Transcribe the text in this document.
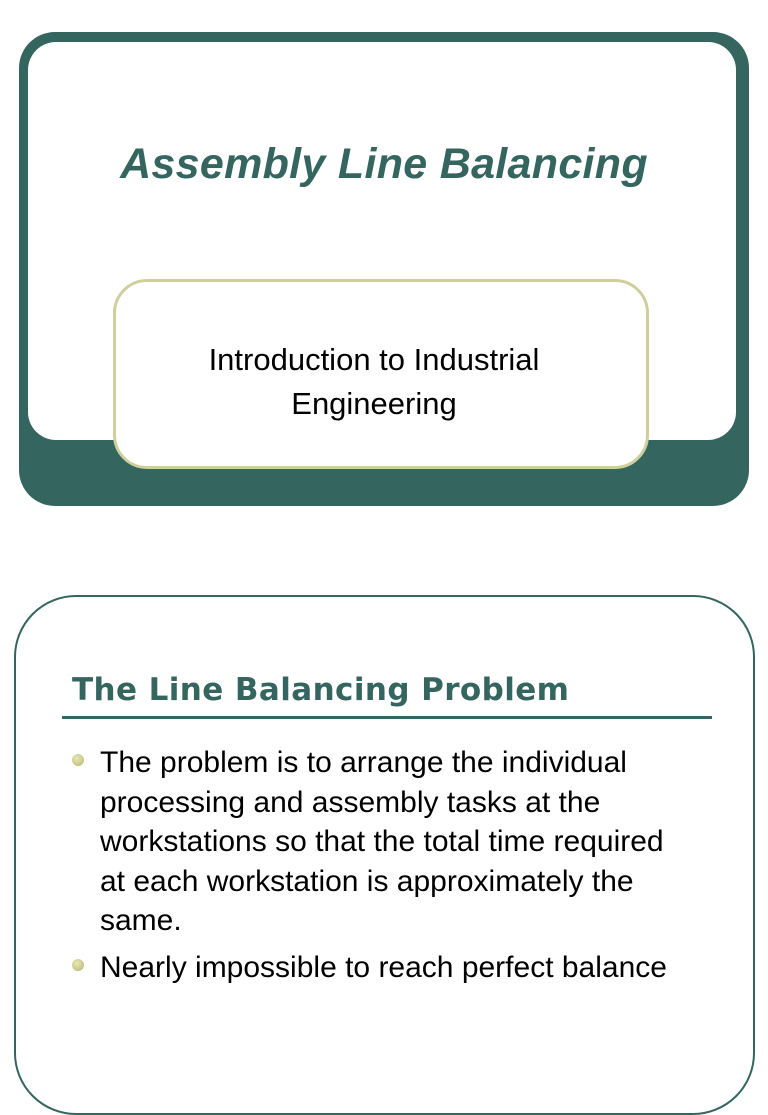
Assembly Line Balancing

Introduction to Industrial
Engineering

The Line Balancing Problem
The problem is to arrange the individual processing and assembly tasks at the workstations so that the total time required at each workstation is approximately the same.
Nearly impossible to reach perfect balance
